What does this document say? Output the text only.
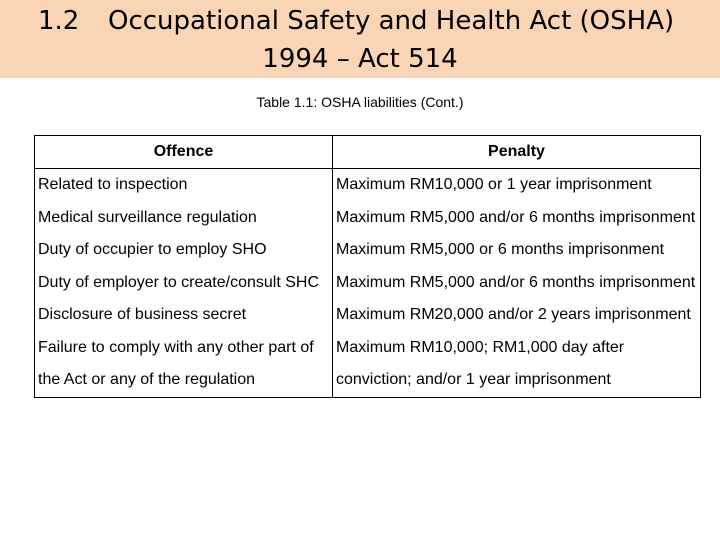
1.2 Occupational Safety and Health Act (OSHA)
1994 – Act 514
Table 1.1: OSHA liabilities (Cont.)
Offence	Penalty
Related to inspection	Maximum RM10,000 or 1 year imprisonment
Medical surveillance regulation	Maximum RM5,000 and/or 6 months imprisonment
Duty of occupier to employ SHO	Maximum RM5,000 or 6 months imprisonment
Duty of employer to create/consult SHC	Maximum RM5,000 and/or 6 months imprisonment
Disclosure of business secret	Maximum RM20,000 and/or 2 years imprisonment
Failure to comply with any other part of the Act or any of the regulation	Maximum RM10,000; RM1,000 day after conviction; and/or 1 year imprisonment
